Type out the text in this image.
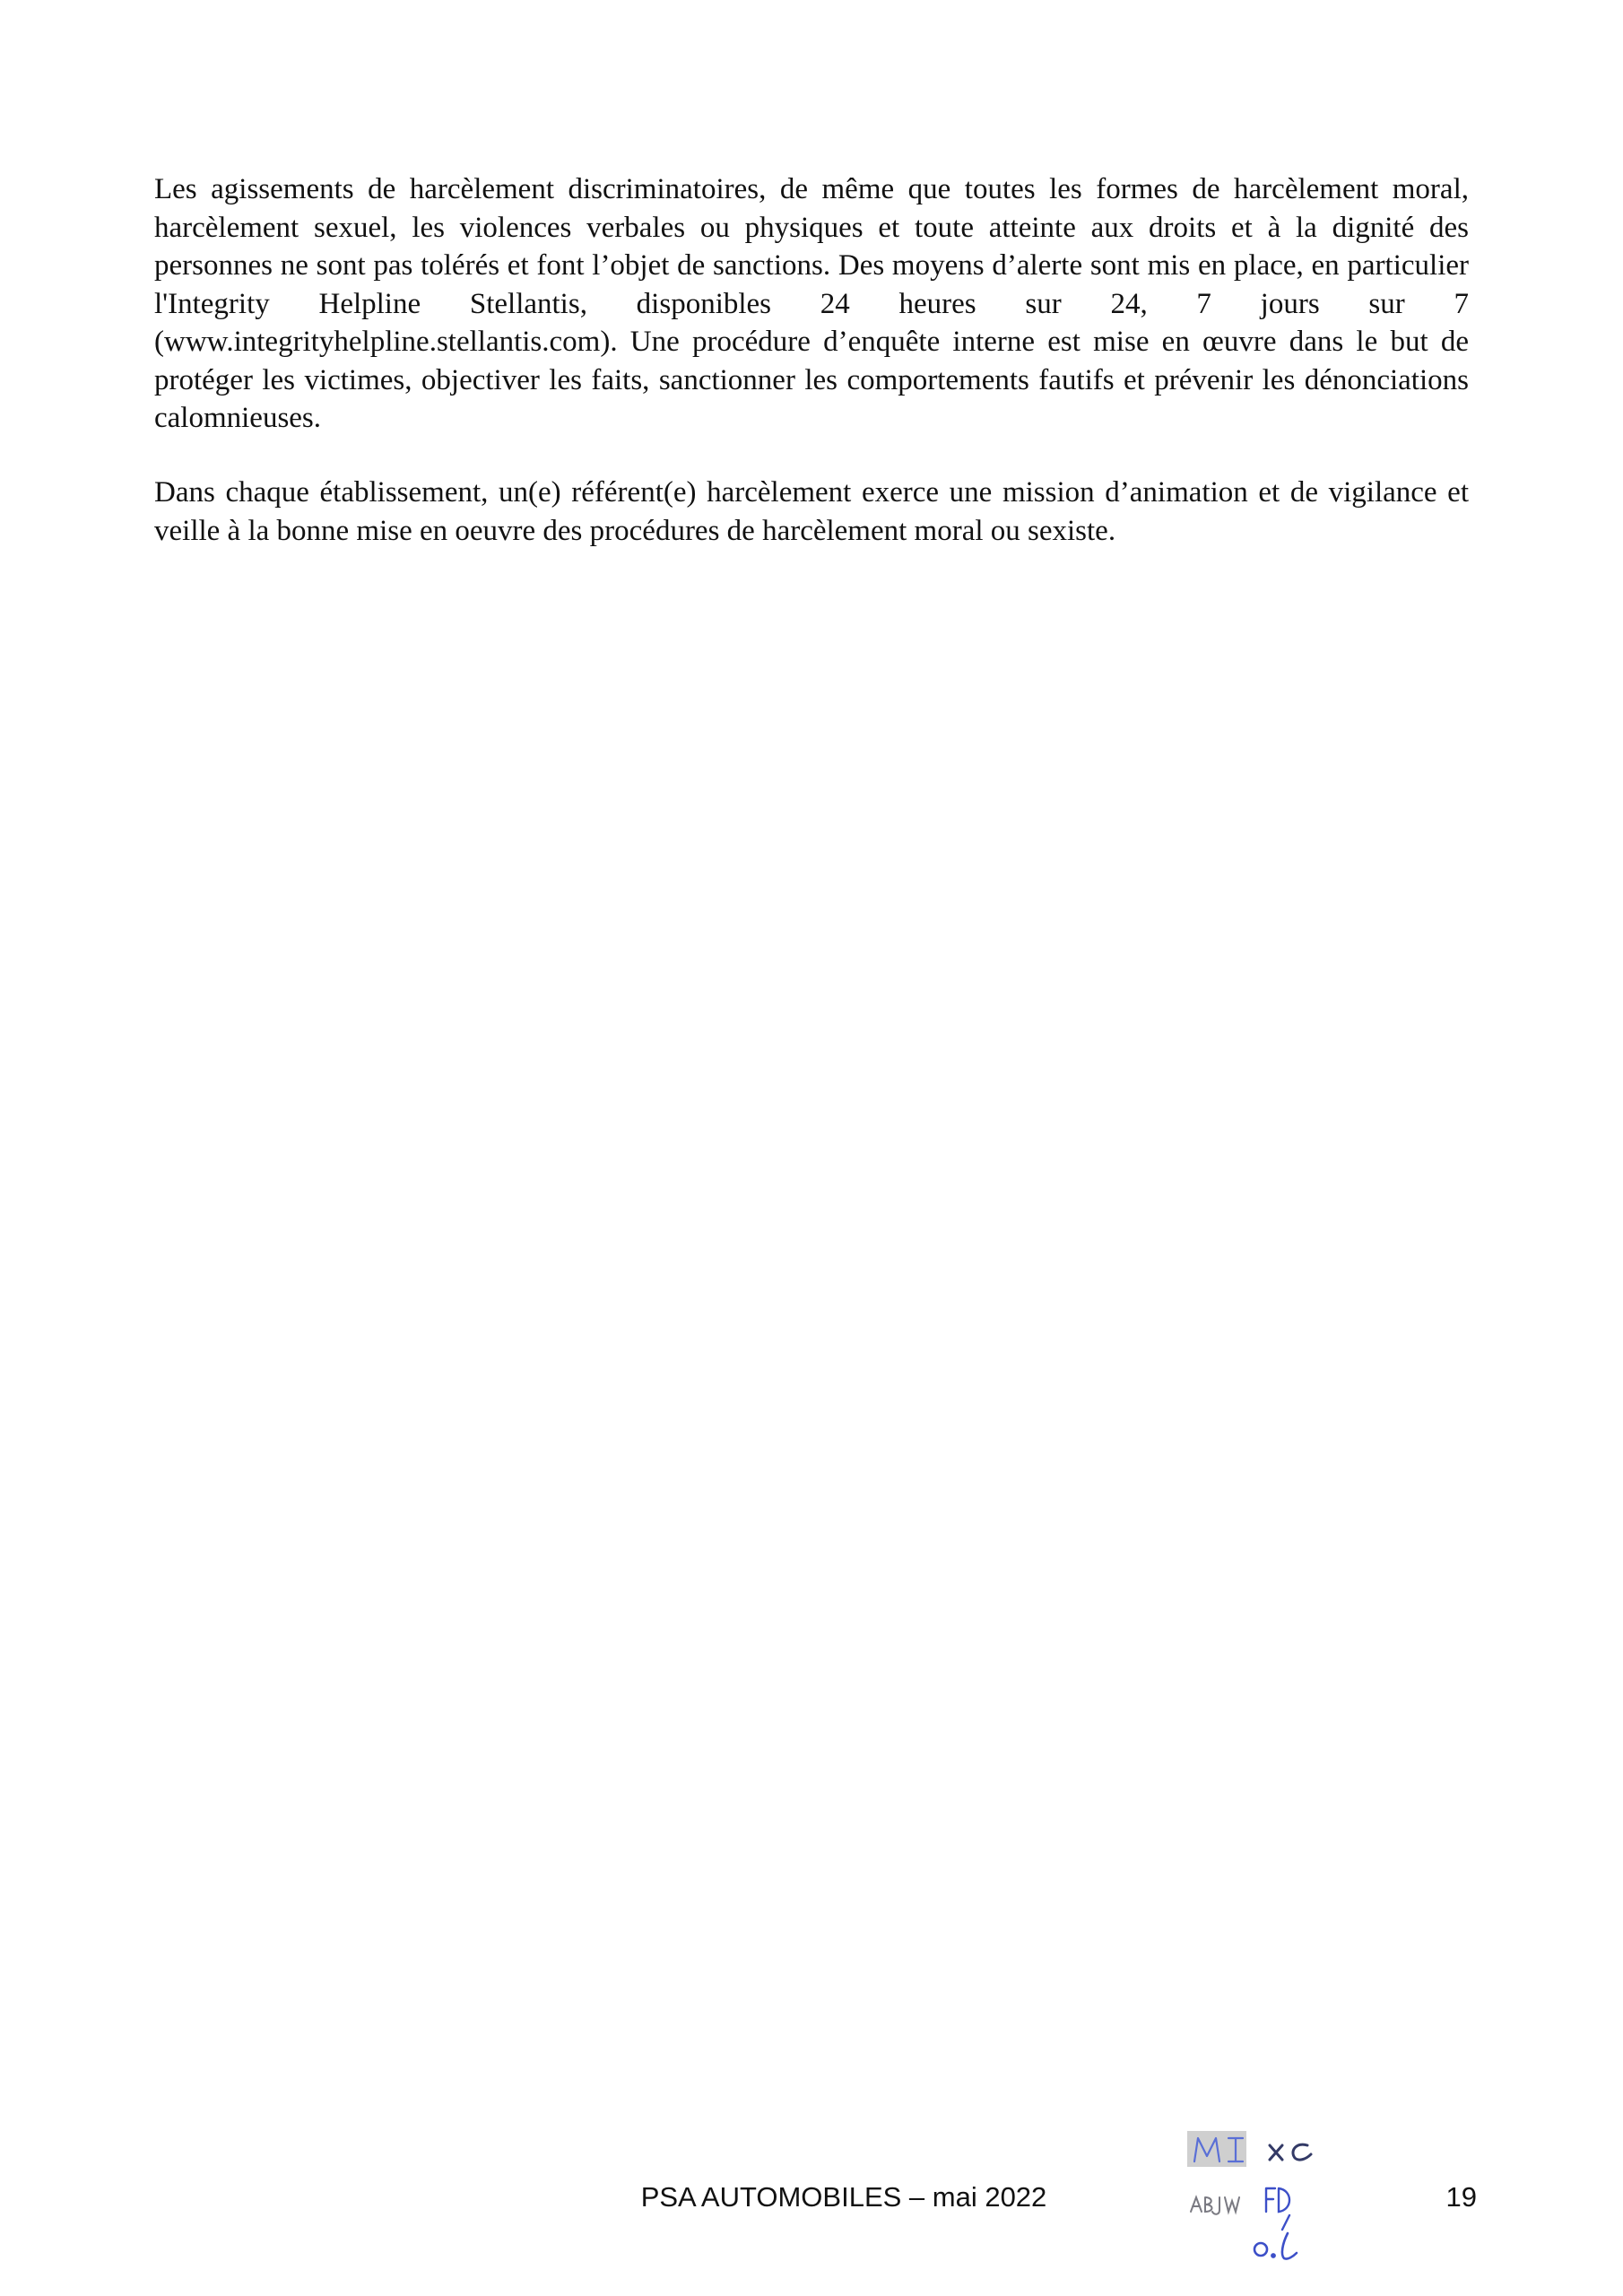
Les agissements de harcèlement discriminatoires, de même que toutes les formes de harcèlement moral, harcèlement sexuel, les violences verbales ou physiques et toute atteinte aux droits et à la dignité des personnes ne sont pas tolérés et font l’objet de sanctions. Des moyens d’alerte sont mis en place, en particulier l'Integrity Helpline Stellantis, disponibles 24 heures sur 24, 7 jours sur 7 (www.integrityhelpline.stellantis.com). Une procédure d’enquête interne est mise en œuvre dans le but de protéger les victimes, objectiver les faits, sanctionner les comportements fautifs et prévenir les dénonciations calomnieuses.

Dans chaque établissement, un(e) référent(e) harcèlement exerce une mission d’animation et de vigilance et veille à la bonne mise en oeuvre des procédures de harcèlement moral ou sexiste.

PSA AUTOMOBILES – mai 2022	19
